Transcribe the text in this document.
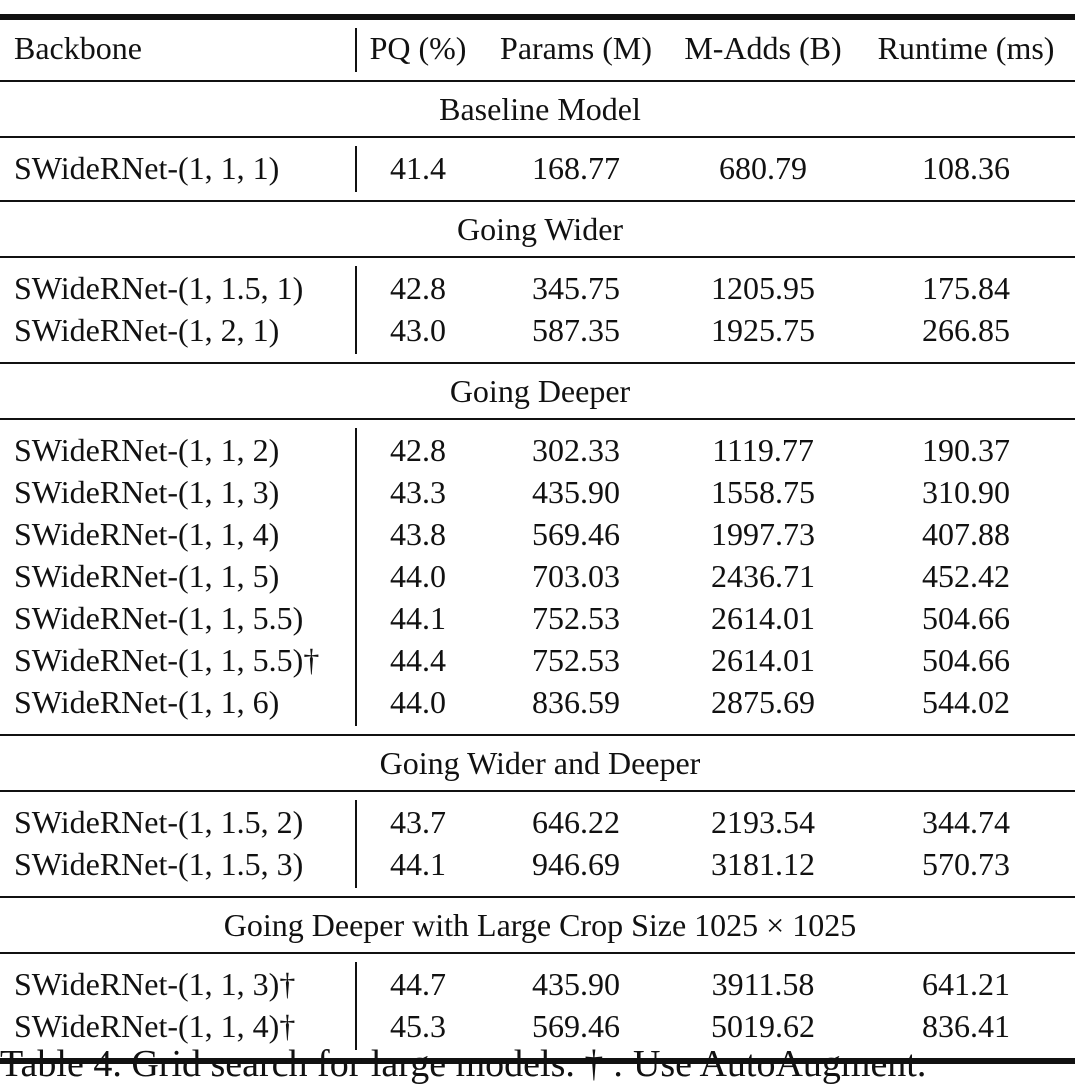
Backbone	PQ (%) Params (M) M-Adds (B) Runtime (ms)
Baseline Model
SWideRNet-(1, 1, 1)	41.4	168.77	680.79	108.36
Going Wider
SWideRNet-(1, 1.5, 1)	42.8	345.75	1205.95	175.84
SWideRNet-(1, 2, 1)	43.0	587.35	1925.75	266.85
Going Deeper
SWideRNet-(1, 1, 2)	42.8	302.33	1119.77	190.37
SWideRNet-(1, 1, 3)	43.3	435.90	1558.75	310.90
SWideRNet-(1, 1, 4)	43.8	569.46	1997.73	407.88
SWideRNet-(1, 1, 5)	44.0	703.03	2436.71	452.42
SWideRNet-(1, 1, 5.5)	44.1	752.53	2614.01	504.66
SWideRNet-(1, 1, 5.5)† 44.4	752.53	2614.01	504.66
SWideRNet-(1, 1, 6)	44.0	836.59	2875.69	544.02
Going Wider and Deeper
SWideRNet-(1, 1.5, 2)	43.7	646.22	2193.54	344.74
SWideRNet-(1, 1.5, 3)	44.1	946.69	3181.12	570.73
Going Deeper with Large Crop Size 1025 × 1025
SWideRNet-(1, 1, 3)†	44.7	435.90	3911.58	641.21
SWideRNet-(1, 1, 4)†	45.3	569.46	5019.62	836.41
Table 4. Grid search for large models. † : Use AutoAugment.
